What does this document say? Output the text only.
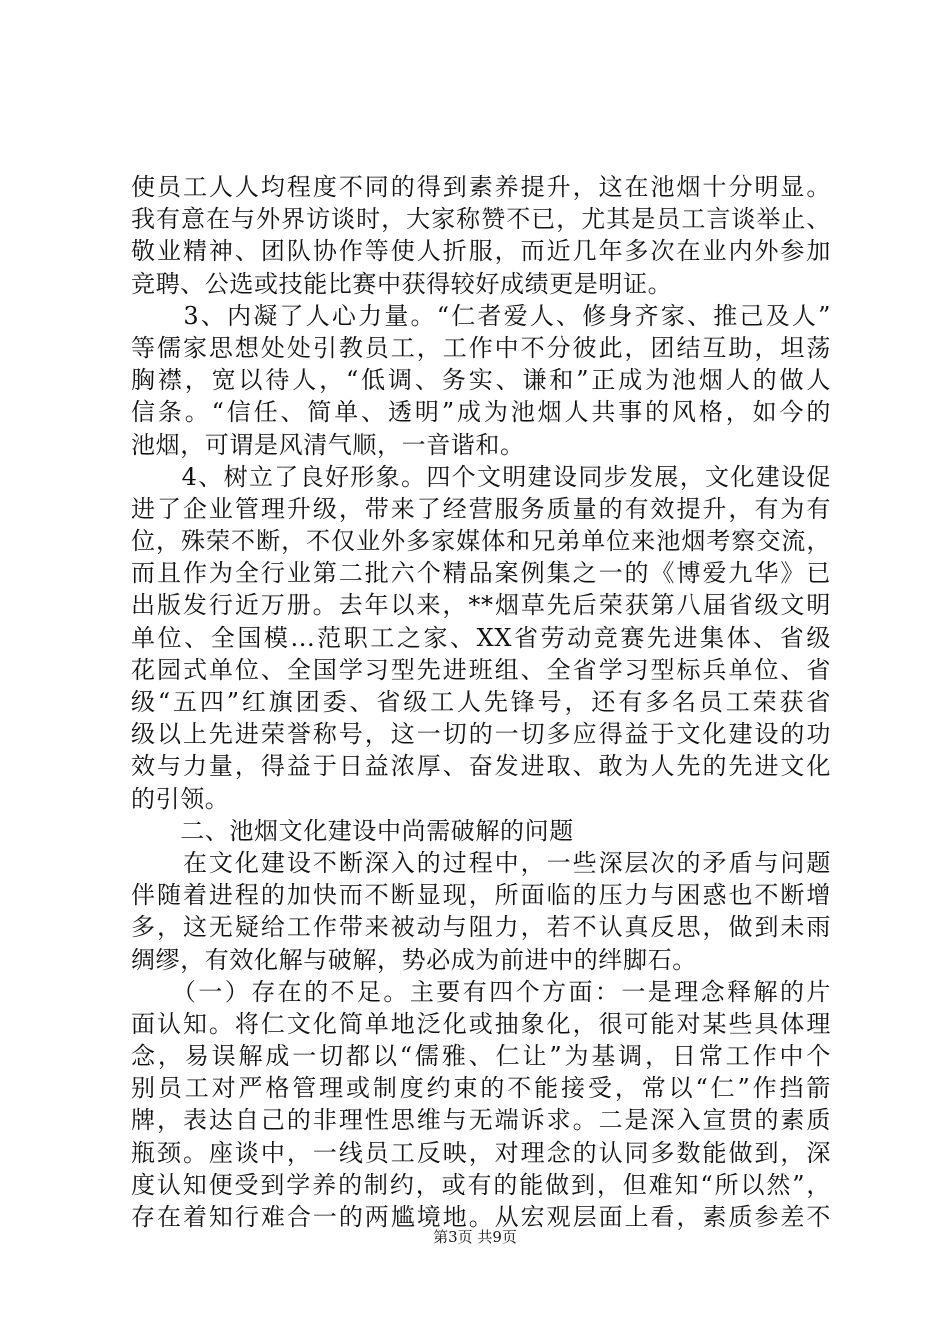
使员工人人均程度不同的得到素养提升，这在池烟十分明显。
我有意在与外界访谈时，大家称赞不已，尤其是员工言谈举止、
敬业精神、团队协作等使人折服，而近几年多次在业内外参加
竞聘、公选或技能比赛中获得较好成绩更是明证。
　　3、内凝了人心力量。“仁者爱人、修身齐家、推己及人”
等儒家思想处处引教员工，工作中不分彼此，团结互助，坦荡
胸襟，宽以待人，“低调、务实、谦和”正成为池烟人的做人
信条。“信任、简单、透明”成为池烟人共事的风格，如今的
池烟，可谓是风清气顺，一音谐和。
　　4、树立了良好形象。四个文明建设同步发展，文化建设促
进了企业管理升级，带来了经营服务质量的有效提升，有为有
位，殊荣不断，不仅业外多家媒体和兄弟单位来池烟考察交流，
而且作为全行业第二批六个精品案例集之一的《博爱九华》已
出版发行近万册。去年以来，**烟草先后荣获第八届省级文明
单位、全国模...范职工之家、XX省劳动竞赛先进集体、省级
花园式单位、全国学习型先进班组、全省学习型标兵单位、省
级“五四”红旗团委、省级工人先锋号，还有多名员工荣获省
级以上先进荣誉称号，这一切的一切多应得益于文化建设的功
效与力量，得益于日益浓厚、奋发进取、敢为人先的先进文化
的引领。
　　二、池烟文化建设中尚需破解的问题
　　在文化建设不断深入的过程中，一些深层次的矛盾与问题
伴随着进程的加快而不断显现，所面临的压力与困惑也不断增
多，这无疑给工作带来被动与阻力，若不认真反思，做到未雨
绸缪，有效化解与破解，势必成为前进中的绊脚石。
　　（一）存在的不足。主要有四个方面：一是理念释解的片
面认知。将仁文化简单地泛化或抽象化，很可能对某些具体理
念，易误解成一切都以“儒雅、仁让”为基调，日常工作中个
别员工对严格管理或制度约束的不能接受，常以“仁”作挡箭
牌，表达自己的非理性思维与无端诉求。二是深入宣贯的素质
瓶颈。座谈中，一线员工反映，对理念的认同多数能做到，深
度认知便受到学养的制约，或有的能做到，但难知“所以然”，
存在着知行难合一的两尴境地。从宏观层面上看，素质参差不
第3页 共9页
